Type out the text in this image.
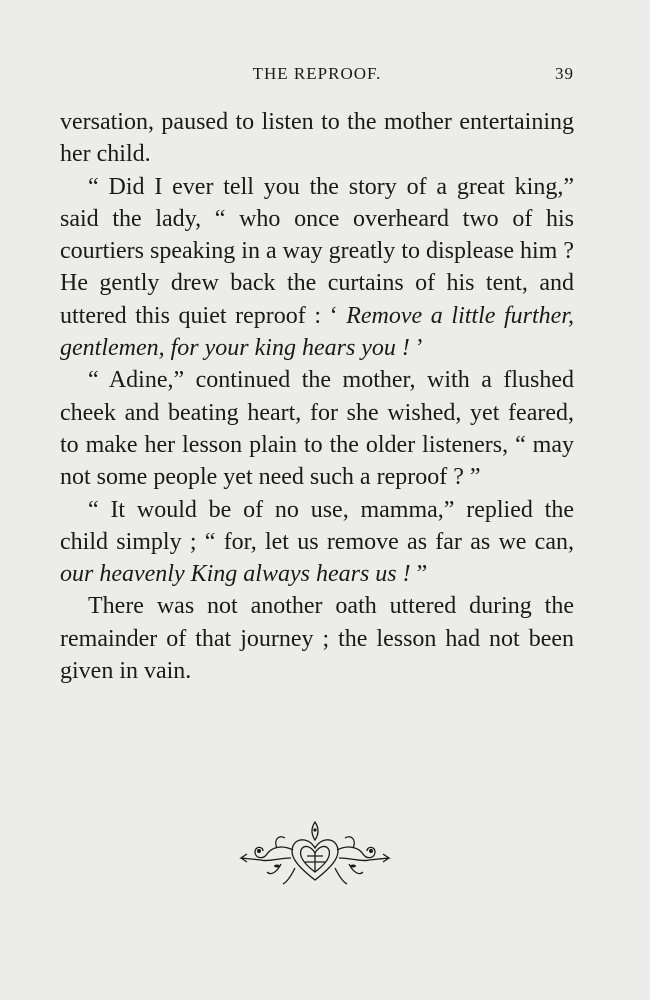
THE REPROOF.	39

versation, paused to listen to the mother entertaining her child.

“ Did I ever tell you the story of a great king,” said the lady, “ who once overheard two of his courtiers speaking in a way greatly to displease him ? He gently drew back the curtains of his tent, and uttered this quiet reproof : ‘ Remove a little further, gentlemen, for your king hears you ! ’

“ Adine,” continued the mother, with a flushed cheek and beating heart, for she wished, yet feared, to make her lesson plain to the older listeners, “ may not some people yet need such a reproof ? ”

“ It would be of no use, mamma,” replied the child simply ; “ for, let us remove as far as we can, our heavenly King always hears us ! ”

There was not another oath uttered during the remainder of that journey ; the lesson had not been given in vain.
